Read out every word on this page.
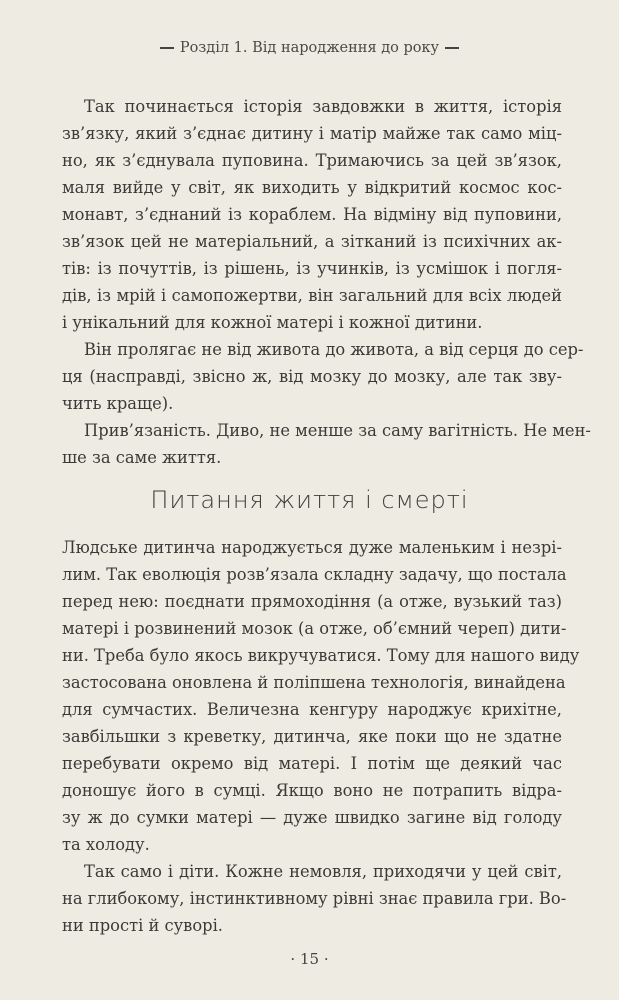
Розділ 1. Від народження до року
Так починається історія завдовжки в життя, історія
зв’язку, який з’єднає дитину і матір майже так само міц-
но, як з’єднувала пуповина. Тримаючись за цей зв’язок,
маля вийде у світ, як виходить у відкритий космос кос-
монавт, з’єднаний із кораблем. На відміну від пуповини,
зв’язок цей не матеріальний, а зітканий із психічних ак-
тів: із почуттів, із рішень, із учинків, із усмішок і погля-
дів, із мрій і самопожертви, він загальний для всіх людей
і унікальний для кожної матері і кожної дитини.
Він пролягає не від живота до живота, а від серця до сер-
ця (насправді, звісно ж, від мозку до мозку, але так зву-
чить краще).
Прив’язаність. Диво, не менше за саму вагітність. Не мен-
ше за саме життя.
Питання життя і смерті
Людське дитинча народжується дуже маленьким і незрі-
лим. Так еволюція розв’язала складну задачу, що постала
перед нею: поєднати прямоходіння (а отже, вузький таз)
матері і розвинений мозок (а отже, об’ємний череп) дити-
ни. Треба було якось викручуватися. Тому для нашого виду
застосована оновлена й поліпшена технологія, винайдена
для сумчастих. Величезна кенгуру народжує крихітне,
завбільшки з креветку, дитинча, яке поки що не здатне
перебувати окремо від матері. І потім ще деякий час
доношує його в сумці. Якщо воно не потрапить відра-
зу ж до сумки матері — дуже швидко загине від голоду
та холоду.
Так само і діти. Кожне немовля, приходячи у цей світ,
на глибокому, інстинктивному рівні знає правила гри. Во-
ни прості й суворі.
· 15 ·
